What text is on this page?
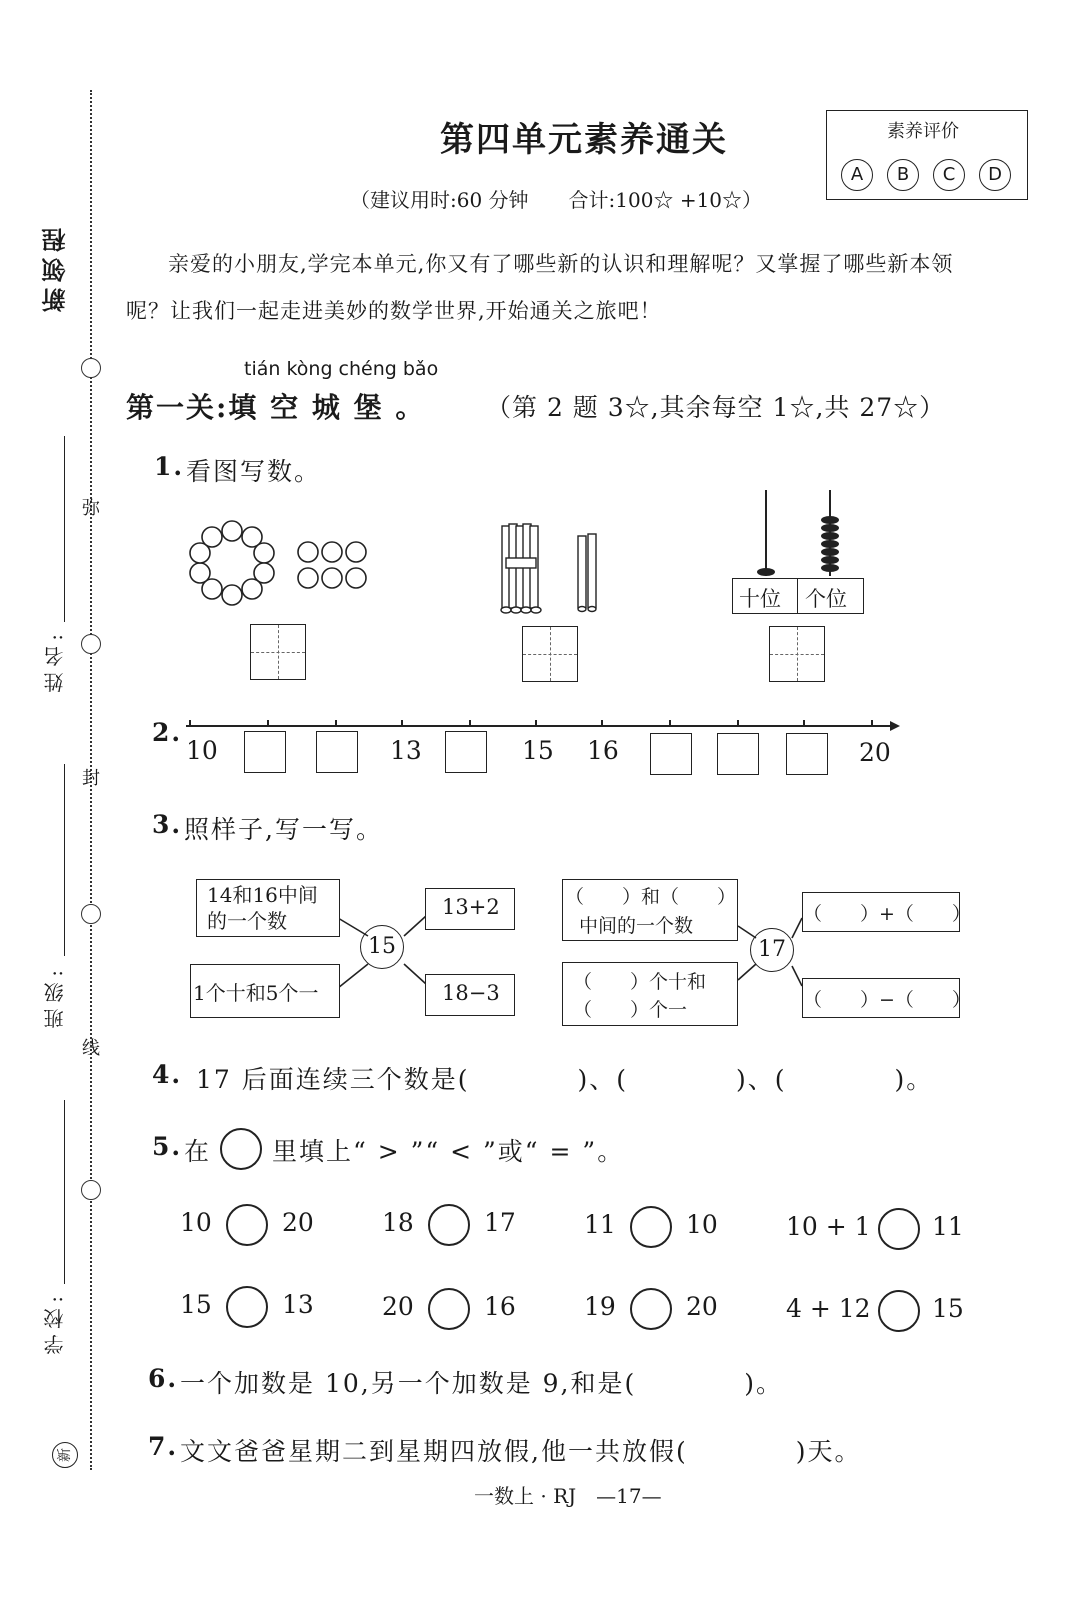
新领程
弥
封
线
姓名:
班级:
学校:
新
第四单元素养通关	素养评价
A B C D
（建议用时:60 分钟　　合计:100☆ +10☆）
亲爱的小朋友,学完本单元,你又有了哪些新的认识和理解呢？又掌握了哪些新本领
呢？让我们一起走进美妙的数学世界,开始通关之旅吧！
tián kòng chéng bǎo
第一关:填 空 城 堡 。 （第 2 题 3☆,其余每空 1☆,共 27☆）
1. 看图写数。
十位 个位
2.
10	13	15 16	20
3. 照样子,写一写。
14和16中间的一个数
1个十和5个一
15
13+2
18−3
（　　）和（　　）
中间的一个数
（　　）个十和
（　　）个一
17
（　　）+（　　）
（　　）−（　　）
4. 17 后面连续三个数是(　　　　)、(　　　　)、(　　　　)。
5. 在 里填上“ > ”“ < ”或“ = ”。
10	20	18	17	11	10	10 + 1 11
15	13	20	16	19	20	4 + 12 15
6. 一个加数是 10,另一个加数是 9,和是(　　　　)。
7. 文文爸爸星期二到星期四放假,他一共放假(　　　　)天。
一数上 · RJ　—17—
